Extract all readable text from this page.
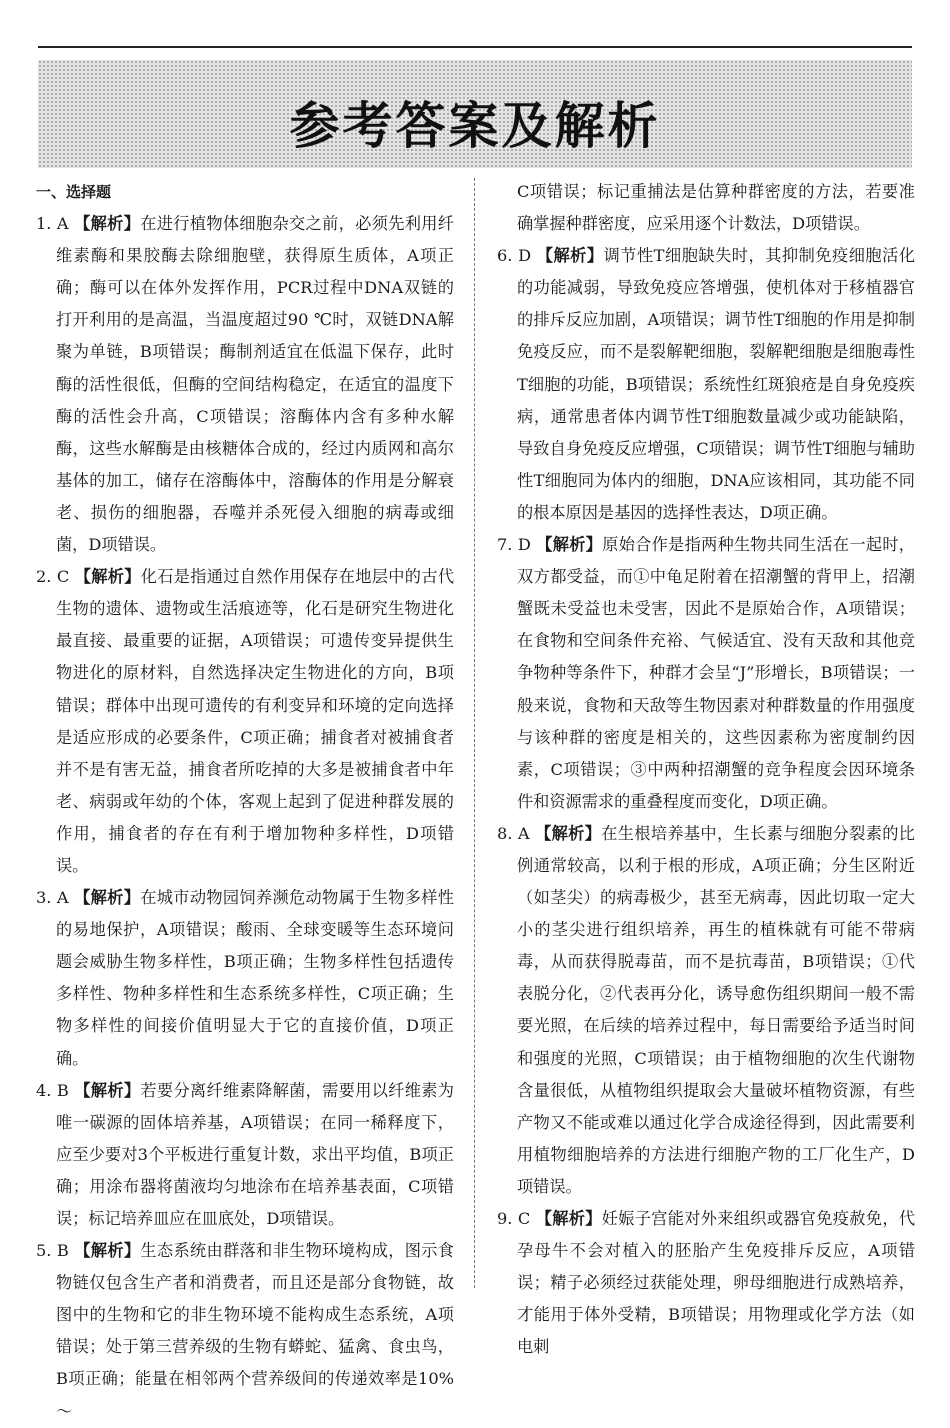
参考答案及解析
一、选择题

1. A 【解析】在进行植物体细胞杂交之前，必须先利用纤维素酶和果胶酶去除细胞壁，获得原生质体，A项正确；酶可以在体外发挥作用，PCR过程中DNA双链的打开利用的是高温，当温度超过90 ℃时，双链DNA解聚为单链，B项错误；酶制剂适宜在低温下保存，此时酶的活性很低，但酶的空间结构稳定，在适宜的温度下酶的活性会升高，C项错误；溶酶体内含有多种水解酶，这些水解酶是由核糖体合成的，经过内质网和高尔基体的加工，储存在溶酶体中，溶酶体的作用是分解衰老、损伤的细胞器，吞噬并杀死侵入细胞的病毒或细菌，D项错误。

2. C 【解析】化石是指通过自然作用保存在地层中的古代生物的遗体、遗物或生活痕迹等，化石是研究生物进化最直接、最重要的证据，A项错误；可遗传变异提供生物进化的原材料，自然选择决定生物进化的方向，B项错误；群体中出现可遗传的有利变异和环境的定向选择是适应形成的必要条件，C项正确；捕食者对被捕食者并不是有害无益，捕食者所吃掉的大多是被捕食者中年老、病弱或年幼的个体，客观上起到了促进种群发展的作用，捕食者的存在有利于增加物种多样性，D项错误。

3. A 【解析】在城市动物园饲养濒危动物属于生物多样性的易地保护，A项错误；酸雨、全球变暖等生态环境问题会威胁生物多样性，B项正确；生物多样性包括遗传多样性、物种多样性和生态系统多样性，C项正确；生物多样性的间接价值明显大于它的直接价值，D项正确。

4. B 【解析】若要分离纤维素降解菌，需要用以纤维素为唯一碳源的固体培养基，A项错误；在同一稀释度下，应至少要对3个平板进行重复计数，求出平均值，B项正确；用涂布器将菌液均匀地涂布在培养基表面，C项错误；标记培养皿应在皿底处，D项错误。

5. B 【解析】生态系统由群落和非生物环境构成，图示食物链仅包含生产者和消费者，而且还是部分食物链，故图中的生物和它的非生物环境不能构成生态系统，A项错误；处于第三营养级的生物有蟒蛇、猛禽、食虫鸟，B项正确；能量在相邻两个营养级间的传递效率是10%～

C项错误；标记重捕法是估算种群密度的方法，若要准确掌握种群密度，应采用逐个计数法，D项错误。

6. D 【解析】调节性T细胞缺失时，其抑制免疫细胞活化的功能减弱，导致免疫应答增强，使机体对于移植器官的排斥反应加剧，A项错误；调节性T细胞的作用是抑制免疫反应，而不是裂解靶细胞，裂解靶细胞是细胞毒性T细胞的功能，B项错误；系统性红斑狼疮是自身免疫疾病，通常患者体内调节性T细胞数量减少或功能缺陷，导致自身免疫反应增强，C项错误；调节性T细胞与辅助性T细胞同为体内的细胞，DNA应该相同，其功能不同的根本原因是基因的选择性表达，D项正确。

7. D 【解析】原始合作是指两种生物共同生活在一起时，双方都受益，而①中龟足附着在招潮蟹的背甲上，招潮蟹既未受益也未受害，因此不是原始合作，A项错误；在食物和空间条件充裕、气候适宜、没有天敌和其他竞争物种等条件下，种群才会呈“J”形增长，B项错误；一般来说，食物和天敌等生物因素对种群数量的作用强度与该种群的密度是相关的，这些因素称为密度制约因素，C项错误；③中两种招潮蟹的竞争程度会因环境条件和资源需求的重叠程度而变化，D项正确。

8. A 【解析】在生根培养基中，生长素与细胞分裂素的比例通常较高，以利于根的形成，A项正确；分生区附近（如茎尖）的病毒极少，甚至无病毒，因此切取一定大小的茎尖进行组织培养，再生的植株就有可能不带病毒，从而获得脱毒苗，而不是抗毒苗，B项错误；①代表脱分化，②代表再分化，诱导愈伤组织期间一般不需要光照，在后续的培养过程中，每日需要给予适当时间和强度的光照，C项错误；由于植物细胞的次生代谢物含量很低，从植物组织提取会大量破坏植物资源，有些产物又不能或难以通过化学合成途径得到，因此需要利用植物细胞培养的方法进行细胞产物的工厂化生产，D项错误。

9. C 【解析】妊娠子宫能对外来组织或器官免疫赦免，代孕母牛不会对植入的胚胎产生免疫排斥反应，A项错误；精子必须经过获能处理，卵母细胞进行成熟培养，才能用于体外受精，B项错误；用物理或化学方法（如电刺
